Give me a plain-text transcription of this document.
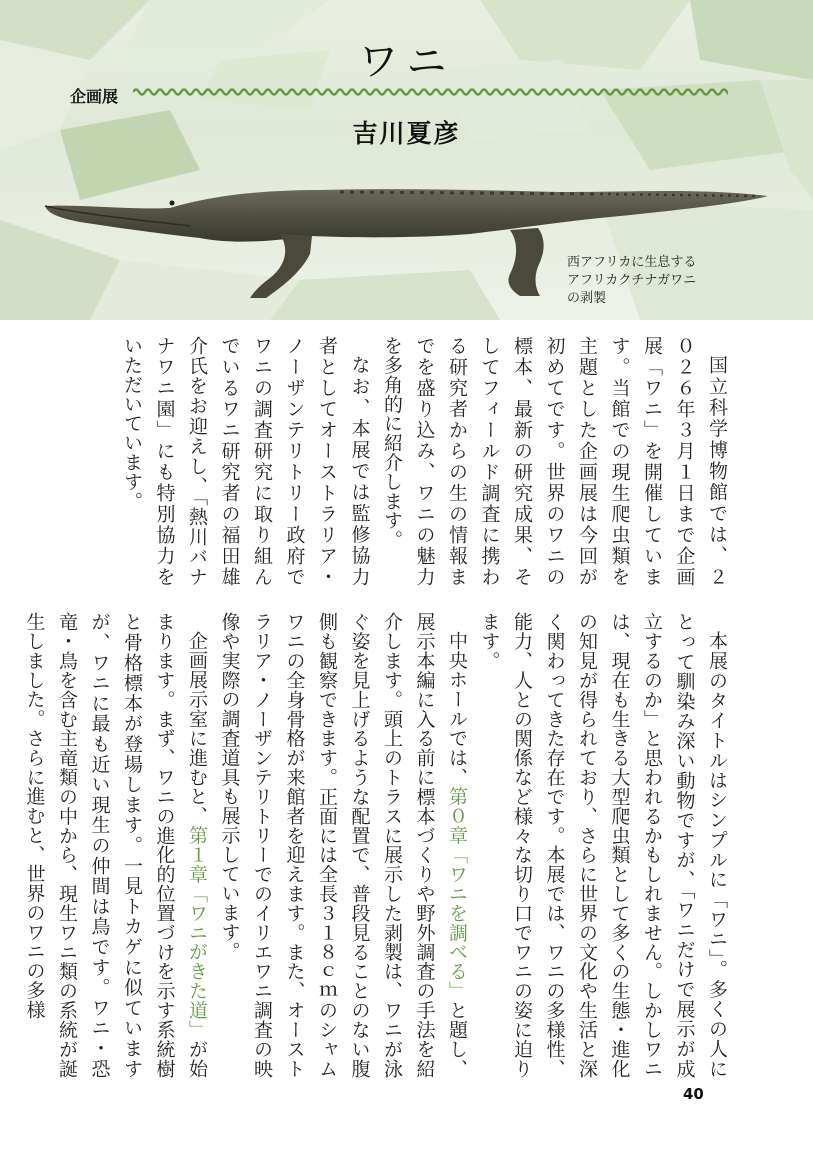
ワニ
企画展
吉川夏彦
西アフリカに生息する
アフリカクチナガワニ
の剥製

国立科学博物館では、２０２６年３月１日まで企画展「ワニ」を開催しています。当館での現生爬虫類を主題とした企画展は今回が初めてです。世界のワニの標本、最新の研究成果、そしてフィールド調査に携わる研究者からの生の情報までを盛り込み、ワニの魅力を多角的に紹介します。

なお、本展では監修協力者としてオーストラリア・ノーザンテリトリー政府でワニの調査研究に取り組んでいるワニ研究者の福田雄介氏をお迎えし、「熱川バナナワニ園」にも特別協力をいただいています。

本展のタイトルはシンプルに「ワニ」。多くの人にとって馴染み深い動物ですが、「ワニだけで展示が成立するのか」と思われるかもしれません。しかしワニは、現在も生きる大型爬虫類として多くの生態・進化の知見が得られており、さらに世界の文化や生活と深く関わってきた存在です。本展では、ワニの多様性、能力、人との関係など様々な切り口でワニの姿に迫ります。

中央ホールでは、第０章「ワニを調べる」と題し、展示本編に入る前に標本づくりや野外調査の手法を紹介します。頭上のトラスに展示した剥製は、ワニが泳ぐ姿を見上げるような配置で、普段見ることのない腹側も観察できます。正面には全長３１８ｃｍのシャムワニの全身骨格が来館者を迎えます。また、オーストラリア・ノーザンテリトリーでのイリエワニ調査の映像や実際の調査道具も展示しています。

企画展示室に進むと、第１章「ワニがきた道」が始まります。まず、ワニの進化的位置づけを示す系統樹と骨格標本が登場します。一見トカゲに似ていますが、ワニに最も近い現生の仲間は鳥です。ワニ・恐竜・鳥を含む主竜類の中から、現生ワニ類の系統が誕生しました。さらに進むと、世界のワニの多様

40
